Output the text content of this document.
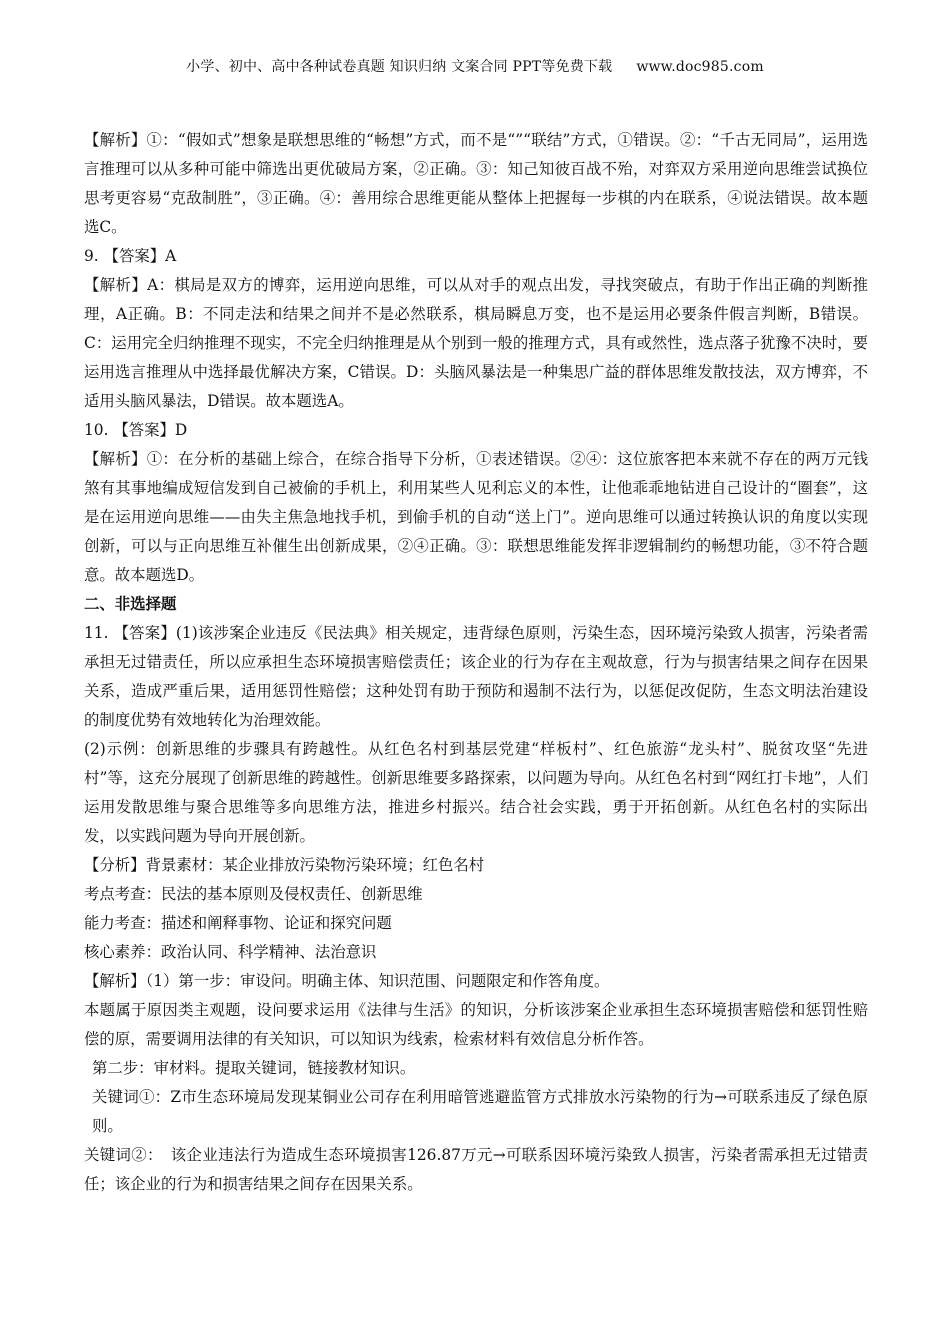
小学、初中、高中各种试卷真题 知识归纳 文案合同 PPT等免费下载 www.doc985.com

【解析】①：“假如式”想象是联想思维的“畅想”方式，而不是“”“联结”方式，①错误。②：“千古无同局”，运用选言推理可以从多种可能中筛选出更优破局方案，②正确。③：知己知彼百战不殆，对弈双方采用逆向思维尝试换位思考更容易“克敌制胜”，③正确。④：善用综合思维更能从整体上把握每一步棋的内在联系，④说法错误。故本题选C。

9. 【答案】A

【解析】A：棋局是双方的博弈，运用逆向思维，可以从对手的观点出发，寻找突破点，有助于作出正确的判断推理，A正确。B：不同走法和结果之间并不是必然联系，棋局瞬息万变，也不是运用必要条件假言判断，B错误。C：运用完全归纳推理不现实，不完全归纳推理是从个别到一般的推理方式，具有或然性，选点落子犹豫不决时，要运用选言推理从中选择最优解决方案，C错误。D：头脑风暴法是一种集思广益的群体思维发散技法，双方博弈，不适用头脑风暴法，D错误。故本题选A。

10. 【答案】D

【解析】①：在分析的基础上综合，在综合指导下分析，①表述错误。②④：这位旅客把本来就不存在的两万元钱煞有其事地编成短信发到自己被偷的手机上，利用某些人见利忘义的本性，让他乖乖地钻进自己设计的“圈套”，这是在运用逆向思维——由失主焦急地找手机，到偷手机的自动“送上门”。逆向思维可以通过转换认识的角度以实现创新，可以与正向思维互补催生出创新成果，②④正确。③：联想思维能发挥非逻辑制约的畅想功能，③不符合题意。故本题选D。

二、非选择题

11. 【答案】(1)该涉案企业违反《民法典》相关规定，违背绿色原则，污染生态，因环境污染致人损害，污染者需承担无过错责任，所以应承担生态环境损害赔偿责任；该企业的行为存在主观故意，行为与损害结果之间存在因果关系，造成严重后果，适用惩罚性赔偿；这种处罚有助于预防和遏制不法行为，以惩促改促防，生态文明法治建设的制度优势有效地转化为治理效能。

(2)示例：创新思维的步骤具有跨越性。从红色名村到基层党建“样板村”、红色旅游“龙头村”、脱贫攻坚“先进村”等，这充分展现了创新思维的跨越性。创新思维要多路探索，以问题为导向。从红色名村到“网红打卡地”，人们运用发散思维与聚合思维等多向思维方法，推进乡村振兴。结合社会实践，勇于开拓创新。从红色名村的实际出发，以实践问题为导向开展创新。

【分析】背景素材：某企业排放污染物污染环境；红色名村

考点考查：民法的基本原则及侵权责任、创新思维

能力考查：描述和阐释事物、论证和探究问题

核心素养：政治认同、科学精神、法治意识

【解析】（1）第一步：审设问。明确主体、知识范围、问题限定和作答角度。

本题属于原因类主观题，设问要求运用《法律与生活》的知识，分析该涉案企业承担生态环境损害赔偿和惩罚性赔偿的原，需要调用法律的有关知识，可以知识为线索，检索材料有效信息分析作答。

第二步：审材料。提取关键词，链接教材知识。

关键词①：Z市生态环境局发现某铜业公司存在利用暗管逃避监管方式排放水污染物的行为→可联系违反了绿色原则。

关键词②：　该企业违法行为造成生态环境损害126.87万元→可联系因环境污染致人损害，污染者需承担无过错责任；该企业的行为和损害结果之间存在因果关系。
